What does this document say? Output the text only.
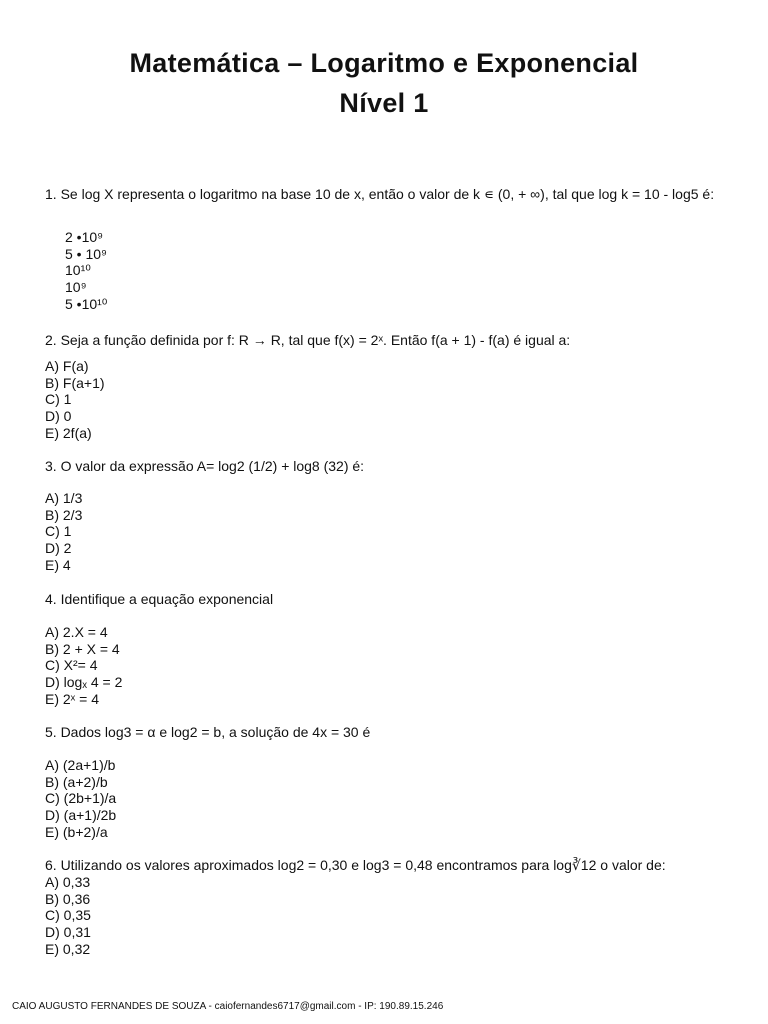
Matemática – Logaritmo e Exponencial
Nível 1
1. Se log X representa o logaritmo na base 10 de x, então o valor de k ∊ (0, + ∞), tal que log k = 10 - log5 é:
2 •10⁹
5 • 10⁹
10¹⁰
10⁹
5 •10¹⁰
2. Seja a função definida por f: R → R, tal que f(x) = 2ˣ. Então f(a + 1) - f(a) é igual a:
A) F(a)
B) F(a+1)
C) 1
D) 0
E) 2f(a)
3. O valor da expressão A= log2 (1/2) + log8 (32) é:
A) 1/3
B) 2/3
C) 1
D) 2
E) 4
4. Identifique a equação exponencial
A) 2.X = 4
B) 2 + X = 4
C) X²= 4
D) logₓ 4 = 2
E) 2ˣ = 4
5. Dados log3 = α e log2 = b, a solução de 4x = 30 é
A) (2a+1)/b
B) (a+2)/b
C) (2b+1)/a
D) (a+1)/2b
E) (b+2)/a
6. Utilizando os valores aproximados log2 = 0,30 e log3 = 0,48 encontramos para log∛12 o valor de:
A) 0,33
B) 0,36
C) 0,35
D) 0,31
E) 0,32
CAIO AUGUSTO FERNANDES DE SOUZA - caiofernandes6717@gmail.com - IP: 190.89.15.246
